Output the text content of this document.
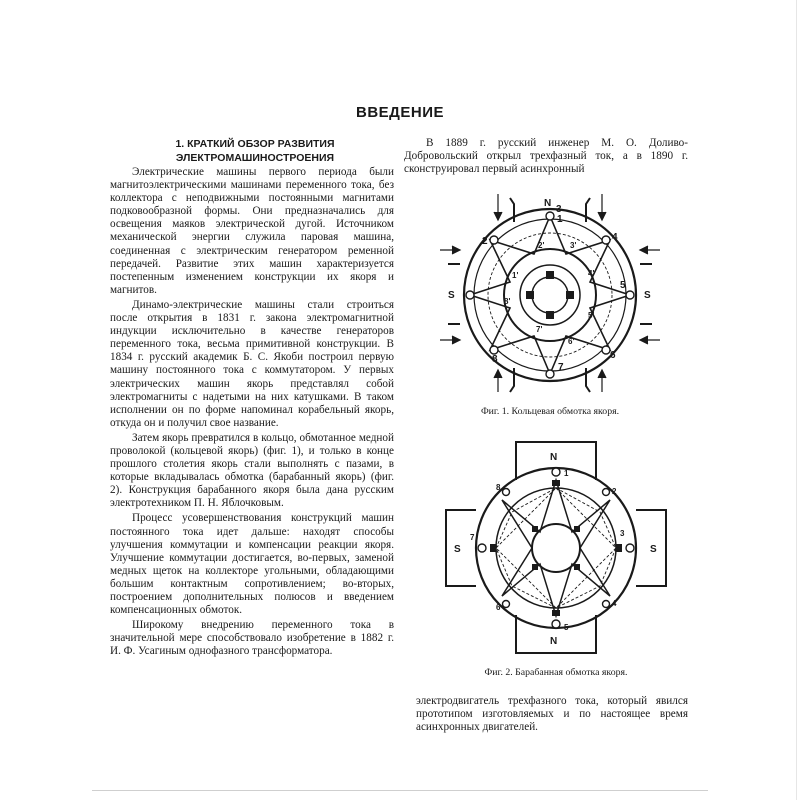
ВВЕДЕНИЕ
1. КРАТКИЙ ОБЗОР РАЗВИТИЯ
ЭЛЕКТРОМАШИНОСТРОЕНИЯ

Электрические машины первого периода были магнитоэлектрическими машинами переменного тока, без коллектора с неподвижными постоянными магнитами подковообразной формы. Они предназначались для освещения маяков электрической дугой. Источником механической энергии служила паровая машина, соединенная с электрическим генератором ременной передачей. Развитие этих машин характеризуется постепенным изменением конструкции их якоря и магнитов.

Динамо-электрические машины стали строиться после открытия в 1831 г. закона электромагнитной индукции исключительно в качестве генераторов переменного тока, весьма примитивной конструкции. В 1834 г. русский академик Б. С. Якоби построил первую машину постоянного тока с коммутатором. У первых электрических машин якорь представлял собой электромагниты с надетыми на них катушками. В таком исполнении он по форме напоминал корабельный якорь, откуда он и получил свое название.

Затем якорь превратился в кольцо, обмотанное медной проволокой (кольцевой якорь) (фиг. 1), и только в конце прошлого столетия якорь стали выполнять с пазами, в которые вкладывалась обмотка (барабанный якорь) (фиг. 2). Конструкция барабанного якоря была дана русским электротехником П. Н. Яблочковым.

Процесс усовершенствования конструкций машин постоянного тока идет дальше: находят способы улучшения коммутации и компенсации реакции якоря. Улучшение коммутации достигается, во-первых, заменой медных щеток на коллекторе угольными, обладающими большим контактным сопротивлением; во-вторых, построением дополнительных полюсов и введением компенсационных обмоток.

Широкому внедрению переменного тока в значительной мере способствовало изобретение в 1882 г. И. Ф. Усагиным однофазного трансформатора.

В 1889 г. русский инженер М. О. Доливо-Добровольский открыл трехфазный ток, а в 1890 г. сконструировал первый асинхронный

N
S	S
1
2
3
4
5
6
7
8
1'
2'	3'
4'
5'
6'
7'
8'
Фиг. 1. Кольцевая обмотка якоря.
N
N
S	S
1
2
3
4
5
6
7
8
Фиг. 2. Барабанная обмотка якоря.

электродвигатель трехфазного тока, который явился прототипом изготовляемых и по настоящее время асинхронных двигателей.
